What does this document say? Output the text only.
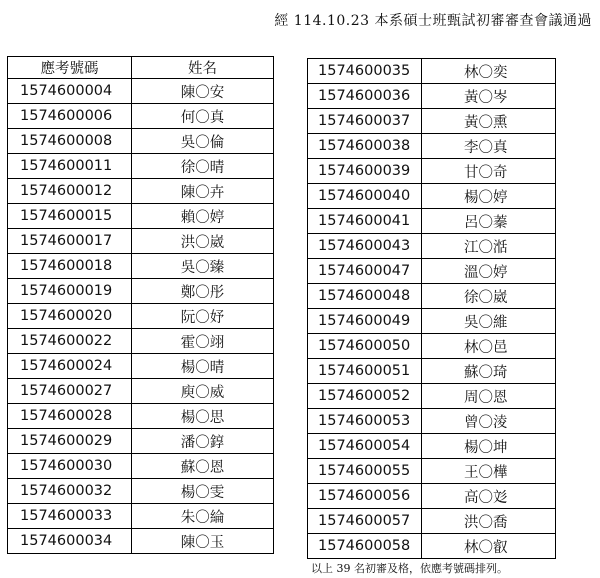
經 114.10.23 本系碩士班甄試初審審查會議通過
應考號碼	姓名
1574600004	陳〇安
1574600006	何〇真
1574600008	吳〇倫
1574600011	徐〇晴
1574600012	陳〇卉
1574600015	賴〇婷
1574600017	洪〇崴
1574600018	吳〇臻
1574600019	鄭〇彤
1574600020	阮〇妤
1574600022	霍〇翊
1574600024	楊〇晴
1574600027	庾〇威
1574600028	楊〇思
1574600029	潘〇錞
1574600030	蘇〇恩
1574600032	楊〇雯
1574600033	朱〇綸
1574600034	陳〇玉
1574600035	林〇奕
1574600036	黃〇岑
1574600037	黃〇熏
1574600038	李〇真
1574600039	甘〇奇
1574600040	楊〇婷
1574600041	呂〇蓁
1574600043	江〇湉
1574600047	溫〇婷
1574600048	徐〇崴
1574600049	吳〇維
1574600050	林〇邑
1574600051	蘇〇琦
1574600052	周〇恩
1574600053	曾〇淩
1574600054	楊〇坤
1574600055	王〇樺
1574600056	高〇彣
1574600057	洪〇喬
1574600058	林〇叡
以上 39 名初審及格，依應考號碼排列。
